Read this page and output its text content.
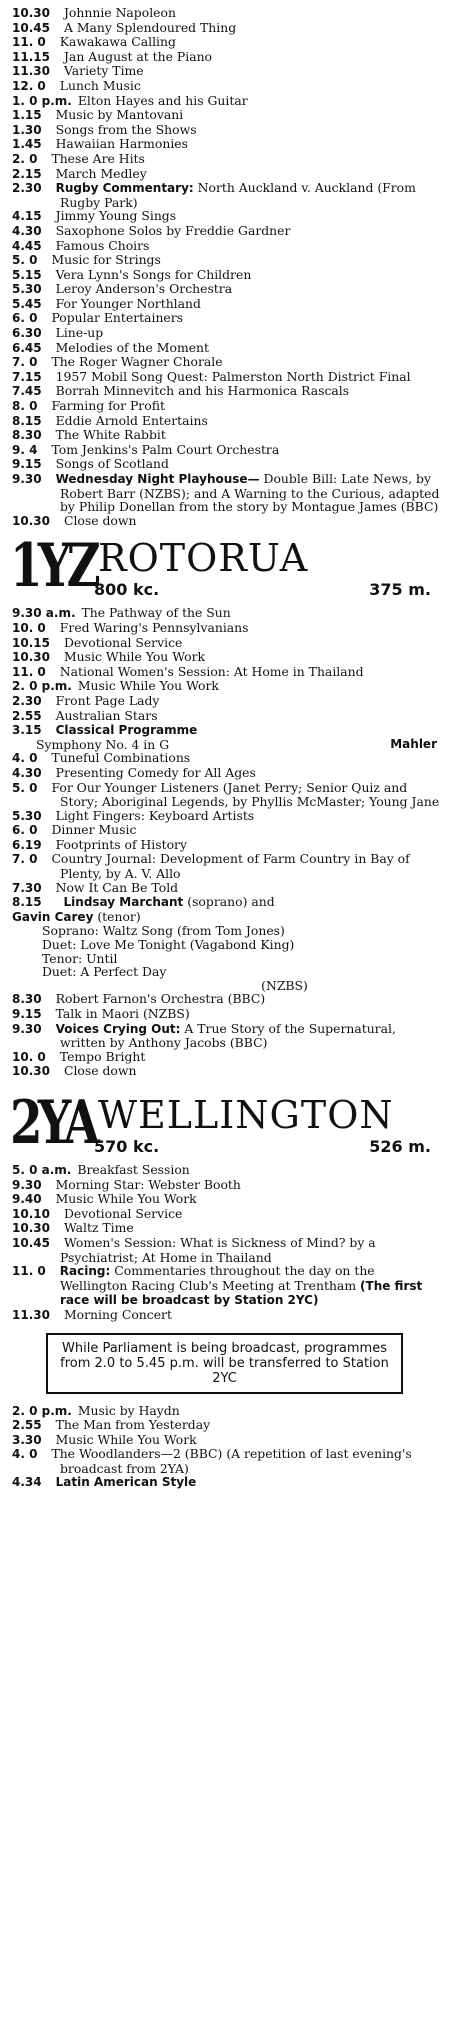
10.30 Johnnie Napoleon

10.45 A Many Splendoured Thing

11. 0 Kawakawa Calling

11.15 Jan August at the Piano

11.30 Variety Time

12. 0 Lunch Music

1. 0 p.m. Elton Hayes and his Guitar

1.15 Music by Mantovani

1.30 Songs from the Shows

1.45 Hawaiian Harmonies

2. 0 These Are Hits

2.15 March Medley

2.30 Rugby Commentary: North Auckland v. Auckland (From Rugby Park)

4.15 Jimmy Young Sings

4.30 Saxophone Solos by Freddie Gardner

4.45 Famous Choirs

5. 0 Music for Strings

5.15 Vera Lynn's Songs for Children

5.30 Leroy Anderson's Orchestra

5.45 For Younger Northland

6. 0 Popular Entertainers

6.30 Line-up

6.45 Melodies of the Moment

7. 0 The Roger Wagner Chorale

7.15 1957 Mobil Song Quest: Palmerston North District Final

7.45 Borrah Minnevitch and his Harmonica Rascals

8. 0 Farming for Profit

8.15 Eddie Arnold Entertains

8.30 The White Rabbit

9. 4 Tom Jenkins's Palm Court Orchestra

9.15 Songs of Scotland

9.30 Wednesday Night Playhouse— Double Bill: Late News, by Robert Barr (NZBS); and A Warning to the Curious, adapted by Philip Donellan from the story by Montague James (BBC)

10.30 Close down

1YZ ROTORUA
800 kc.	375 m.

9.30 a.m. The Pathway of the Sun

10. 0 Fred Waring's Pennsylvanians

10.15 Devotional Service

10.30 Music While You Work

11. 0 National Women's Session: At Home in Thailand

2. 0 p.m. Music While You Work

2.30 Front Page Lady

2.55 Australian Stars

3.15 Classical Programme

Symphony No. 4 in G	Mahler

4. 0 Tuneful Combinations

4.30 Presenting Comedy for All Ages

5. 0 For Our Younger Listeners (Janet Perry; Senior Quiz and Story; Aboriginal Legends, by Phyllis McMaster; Young Jane

5.30 Light Fingers: Keyboard Artists

6. 0 Dinner Music

6.19 Footprints of History

7. 0 Country Journal: Development of Farm Country in Bay of Plenty, by A. V. Allo

7.30 Now It Can Be Told

8.15 Lindsay Marchant (soprano) and

Gavin Carey (tenor)

Soprano: Waltz Song (from Tom Jones)

Duet: Love Me Tonight (Vagabond King)

Tenor: Until

Duet: A Perfect Day

(NZBS)

8.30 Robert Farnon's Orchestra (BBC)

9.15 Talk in Maori (NZBS)

9.30 Voices Crying Out: A True Story of the Supernatural, written by Anthony Jacobs (BBC)

10. 0 Tempo Bright

10.30 Close down

2YA WELLINGTON
570 kc.	526 m.

5. 0 a.m. Breakfast Session

9.30 Morning Star: Webster Booth

9.40 Music While You Work

10.10 Devotional Service

10.30 Waltz Time

10.45 Women's Session: What is Sickness of Mind? by a Psychiatrist; At Home in Thailand

11. 0 Racing: Commentaries throughout the day on the Wellington Racing Club's Meeting at Trentham (The first race will be broadcast by Station 2YC)

11.30 Morning Concert

While Parliament is being broadcast, programmes from 2.0 to 5.45 p.m. will be transferred to Station 2YC

2. 0 p.m. Music by Haydn

2.55 The Man from Yesterday

3.30 Music While You Work

4. 0 The Woodlanders—2 (BBC) (A repetition of last evening's broadcast from 2YA)

4.34 Latin American Style
